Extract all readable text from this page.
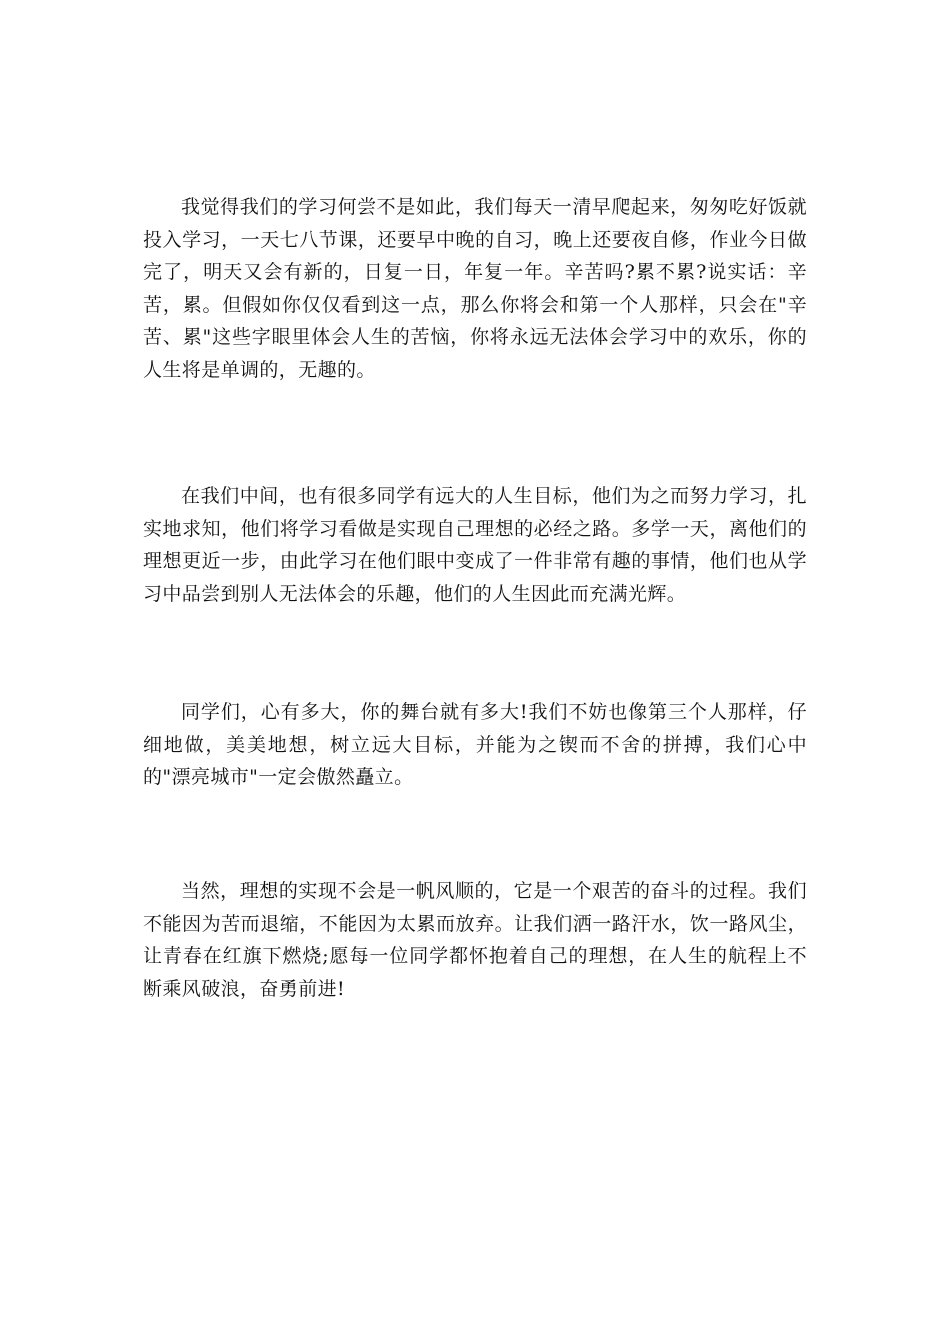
我觉得我们的学习何尝不是如此，我们每天一清早爬起来，匆匆吃好饭就投入学习，一天七八节课，还要早中晚的自习，晚上还要夜自修，作业今日做完了，明天又会有新的，日复一日，年复一年。辛苦吗?累不累?说实话：辛苦，累。但假如你仅仅看到这一点，那么你将会和第一个人那样，只会在"辛苦、累"这些字眼里体会人生的苦恼，你将永远无法体会学习中的欢乐，你的人生将是单调的，无趣的。

在我们中间，也有很多同学有远大的人生目标，他们为之而努力学习，扎实地求知，他们将学习看做是实现自己理想的必经之路。多学一天，离他们的理想更近一步，由此学习在他们眼中变成了一件非常有趣的事情，他们也从学习中品尝到别人无法体会的乐趣，他们的人生因此而充满光辉。

同学们，心有多大，你的舞台就有多大!我们不妨也像第三个人那样，仔细地做，美美地想，树立远大目标，并能为之锲而不舍的拼搏，我们心中的"漂亮城市"一定会傲然矗立。

当然，理想的实现不会是一帆风顺的，它是一个艰苦的奋斗的过程。我们不能因为苦而退缩，不能因为太累而放弃。让我们洒一路汗水，饮一路风尘，让青春在红旗下燃烧;愿每一位同学都怀抱着自己的理想，在人生的航程上不断乘风破浪，奋勇前进!
